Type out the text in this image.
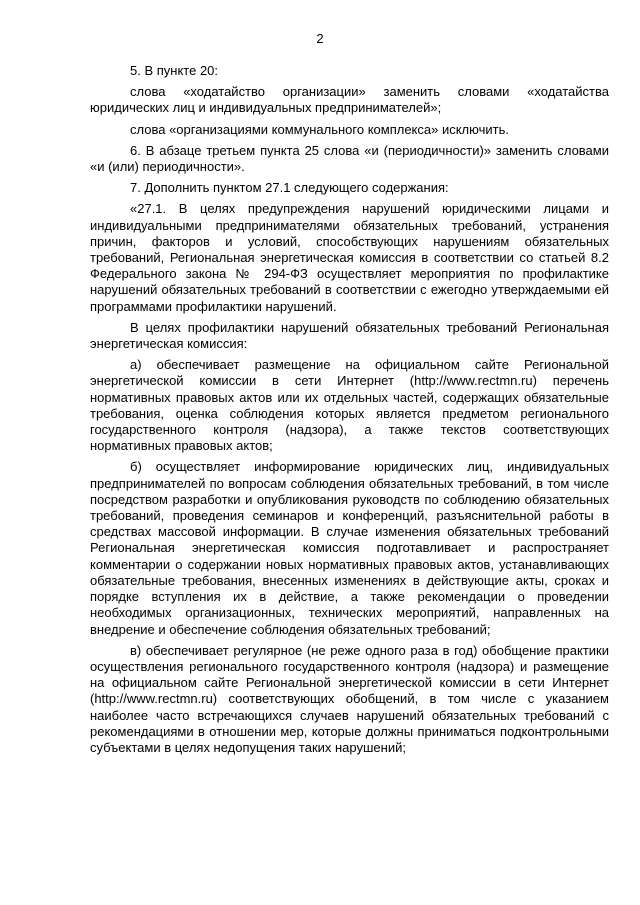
2

5. В пункте 20:

слова «ходатайство организации» заменить словами «ходатайства юридических лиц и индивидуальных предпринимателей»;

слова «организациями коммунального комплекса» исключить.

6. В абзаце третьем пункта 25 слова «и (периодичности)» заменить словами «и (или) периодичности».

7. Дополнить пунктом 27.1 следующего содержания:

«27.1. В целях предупреждения нарушений юридическими лицами и индивидуальными предпринимателями обязательных требований, устранения причин, факторов и условий, способствующих нарушениям обязательных требований, Региональная энергетическая комиссия в соответствии со статьей 8.2 Федерального закона № 294-ФЗ осуществляет мероприятия по профилактике нарушений обязательных требований в соответствии с ежегодно утверждаемыми ей программами профилактики нарушений.

В целях профилактики нарушений обязательных требований Региональная энергетическая комиссия:

а) обеспечивает размещение на официальном сайте Региональной энергетической комиссии в сети Интернет (http://www.rectmn.ru) перечень нормативных правовых актов или их отдельных частей, содержащих обязательные требования, оценка соблюдения которых является предметом регионального государственного контроля (надзора), а также текстов соответствующих нормативных правовых актов;

б) осуществляет информирование юридических лиц, индивидуальных предпринимателей по вопросам соблюдения обязательных требований, в том числе посредством разработки и опубликования руководств по соблюдению обязательных требований, проведения семинаров и конференций, разъяснительной работы в средствах массовой информации. В случае изменения обязательных требований Региональная энергетическая комиссия подготавливает и распространяет комментарии о содержании новых нормативных правовых актов, устанавливающих обязательные требования, внесенных изменениях в действующие акты, сроках и порядке вступления их в действие, а также рекомендации о проведении необходимых организационных, технических мероприятий, направленных на внедрение и обеспечение соблюдения обязательных требований;

в) обеспечивает регулярное (не реже одного раза в год) обобщение практики осуществления регионального государственного контроля (надзора) и размещение на официальном сайте Региональной энергетической комиссии в сети Интернет (http://www.rectmn.ru) соответствующих обобщений, в том числе с указанием наиболее часто встречающихся случаев нарушений обязательных требований с рекомендациями в отношении мер, которые должны приниматься подконтрольными субъектами в целях недопущения таких нарушений;
